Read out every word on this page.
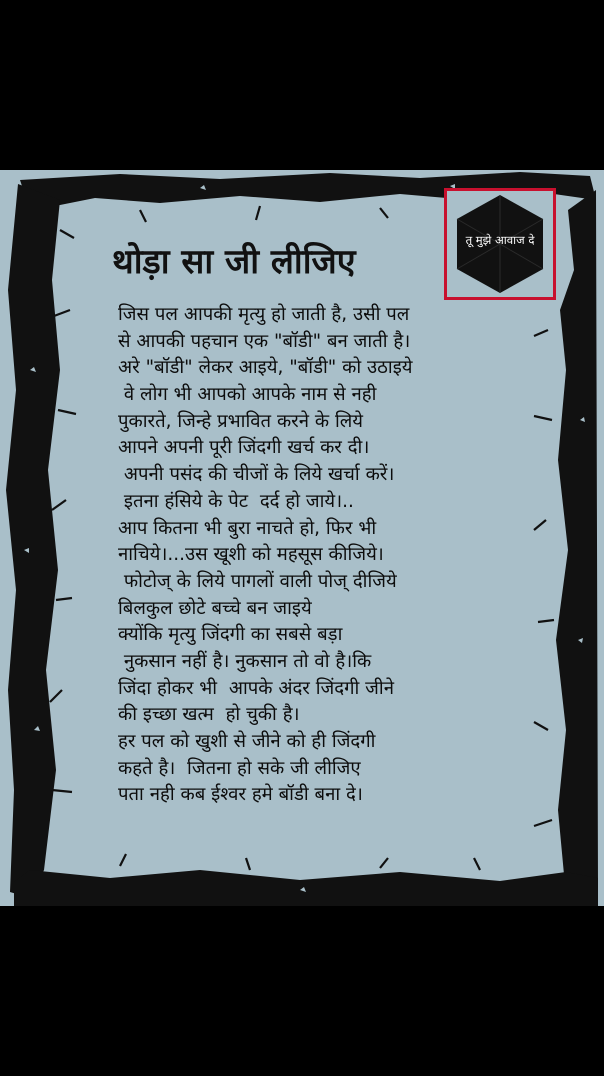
थोड़ा सा जी लीजिए
जिस पल आपकी मृत्यु हो जाती है, उसी पल
से आपकी पहचान एक "बॉडी" बन जाती है।
अरे "बॉडी" लेकर आइये, "बॉडी" को उठाइये
वे लोग भी आपको आपके नाम से नही
पुकारते, जिन्हे प्रभावित करने के लिये
आपने अपनी पूरी जिंदगी खर्च कर दी।
अपनी पसंद की चीजों के लिये खर्चा करें।
इतना हंसिये के पेट  दर्द हो जाये।..
आप कितना भी बुरा नाचते हो, फिर भी
नाचिये।...उस खूशी को महसूस कीजिये।
फोटोज् के लिये पागलों वाली पोज् दीजिये
बिलकुल छोटे बच्चे बन जाइये
क्योंकि मृत्यु जिंदगी का सबसे बड़ा
नुकसान नहीं है। नुकसान तो वो है।कि
जिंदा होकर भी  आपके अंदर जिंदगी जीने
की इच्छा खत्म  हो चुकी है।
हर पल को खुशी से जीने को ही जिंदगी
कहते है।  जितना हो सके जी लीजिए
पता नही कब ईश्वर हमे बॉडी बना दे।
तू मुझे आवाज दे
